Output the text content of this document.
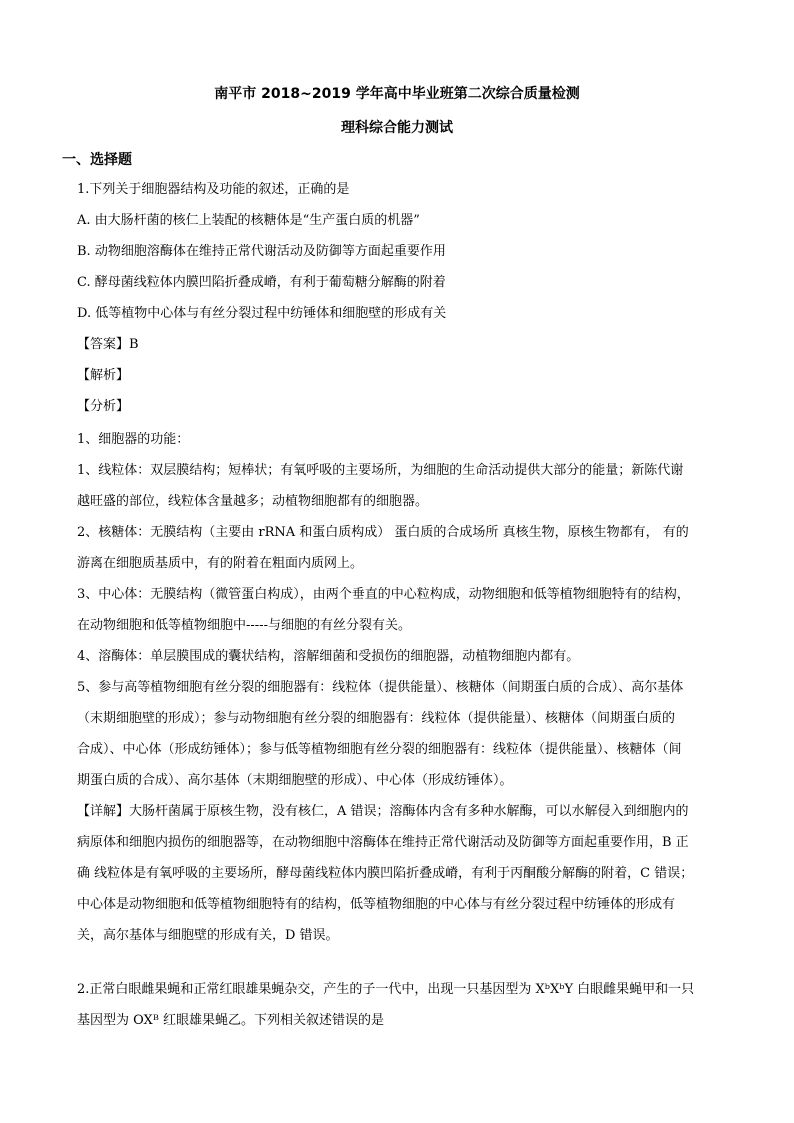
南平市 2018~2019 学年高中毕业班第二次综合质量检测
理科综合能力测试
一、选择题
1.下列关于细胞器结构及功能的叙述，正确的是
A. 由大肠杆菌的核仁上装配的核糖体是“生产蛋白质的机器”
B. 动物细胞溶酶体在维持正常代谢活动及防御等方面起重要作用
C. 酵母菌线粒体内膜凹陷折叠成嵴，有利于葡萄糖分解酶的附着
D. 低等植物中心体与有丝分裂过程中纺锤体和细胞壁的形成有关
【答案】B
【解析】
【分析】
1、细胞器的功能：
1、线粒体：双层膜结构；短棒状；有氧呼吸的主要场所，为细胞的生命活动提供大部分的能量；新陈代谢
越旺盛的部位，线粒体含量越多；动植物细胞都有的细胞器。
2、核糖体：无膜结构（主要由 rRNA 和蛋白质构成） 蛋白质的合成场所 真核生物，原核生物都有， 有的
游离在细胞质基质中，有的附着在粗面内质网上。
3、中心体：无膜结构（微管蛋白构成），由两个垂直的中心粒构成，动物细胞和低等植物细胞特有的结构，
在动物细胞和低等植物细胞中-----与细胞的有丝分裂有关。
4、溶酶体：单层膜围成的囊状结构，溶解细菌和受损伤的细胞器，动植物细胞内都有。
5、参与高等植物细胞有丝分裂的细胞器有：线粒体（提供能量）、核糖体（间期蛋白质的合成）、高尔基体
（末期细胞壁的形成）；参与动物细胞有丝分裂的细胞器有：线粒体（提供能量）、核糖体（间期蛋白质的
合成）、中心体（形成纺锤体）；参与低等植物细胞有丝分裂的细胞器有：线粒体（提供能量）、核糖体（间
期蛋白质的合成）、高尔基体（末期细胞壁的形成）、中心体（形成纺锤体）。
【详解】大肠杆菌属于原核生物，没有核仁，A 错误；溶酶体内含有多种水解酶，可以水解侵入到细胞内的
病原体和细胞内损伤的细胞器等，在动物细胞中溶酶体在维持正常代谢活动及防御等方面起重要作用，B 正
确 线粒体是有氧呼吸的主要场所，酵母菌线粒体内膜凹陷折叠成嵴，有利于丙酮酸分解酶的附着，C 错误；
中心体是动物细胞和低等植物细胞特有的结构，低等植物细胞的中心体与有丝分裂过程中纺锤体的形成有
关，高尔基体与细胞壁的形成有关，D 错误。
2.正常白眼雌果蝇和正常红眼雄果蝇杂交，产生的子一代中，出现一只基因型为 XᵇXᵇY 白眼雌果蝇甲和一只
基因型为 OXᴮ 红眼雄果蝇乙。下列相关叙述错误的是
